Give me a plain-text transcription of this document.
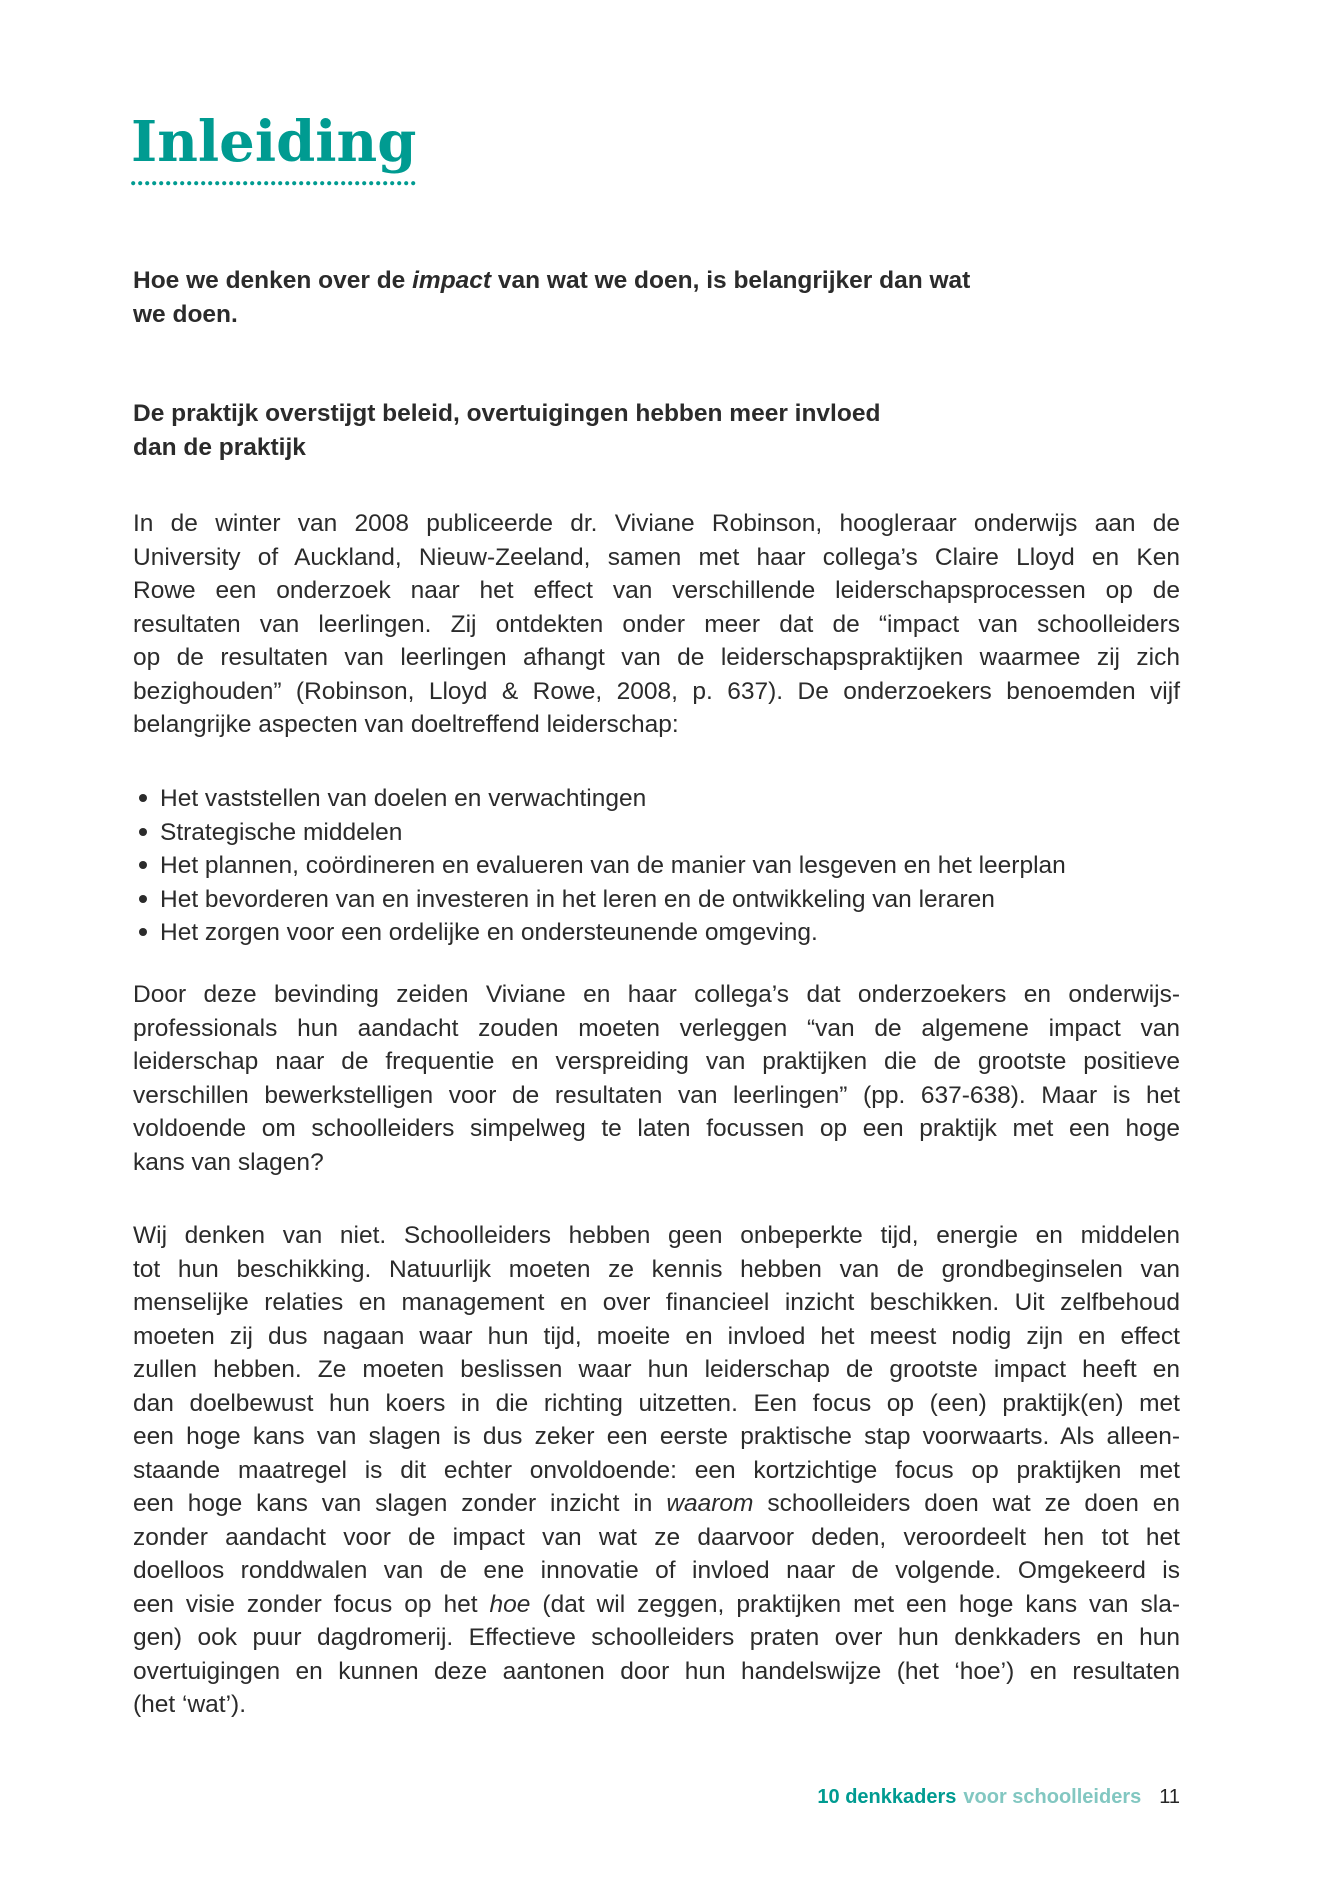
Inleiding
Hoe we denken over de impact van wat we doen, is belangrijker dan wat
we doen.
De praktijk overstijgt beleid, overtuigingen hebben meer invloed
dan de praktijk
In de winter van 2008 publiceerde dr. Viviane Robinson, hoogleraar onderwijs aan de
University of Auckland, Nieuw-Zeeland, samen met haar collega’s Claire Lloyd en Ken
Rowe een onderzoek naar het effect van verschillende leiderschapsprocessen op de
resultaten van leerlingen. Zij ontdekten onder meer dat de “impact van schoolleiders
op de resultaten van leerlingen afhangt van de leiderschapspraktijken waarmee zij zich
bezighouden” (Robinson, Lloyd & Rowe, 2008, p. 637). De onderzoekers benoemden vijf
belangrijke aspecten van doeltreffend leiderschap:
Het vaststellen van doelen en verwachtingen
Strategische middelen
Het plannen, coördineren en evalueren van de manier van lesgeven en het leerplan
Het bevorderen van en investeren in het leren en de ontwikkeling van leraren
Het zorgen voor een ordelijke en ondersteunende omgeving.
Door deze bevinding zeiden Viviane en haar collega’s dat onderzoekers en onderwijs-
professionals hun aandacht zouden moeten verleggen “van de algemene impact van
leiderschap naar de frequentie en verspreiding van praktijken die de grootste positieve
verschillen bewerkstelligen voor de resultaten van leerlingen” (pp. 637-638). Maar is het
voldoende om schoolleiders simpelweg te laten focussen op een praktijk met een hoge
kans van slagen?
Wij denken van niet. Schoolleiders hebben geen onbeperkte tijd, energie en middelen
tot hun beschikking. Natuurlijk moeten ze kennis hebben van de grondbeginselen van
menselijke relaties en management en over financieel inzicht beschikken. Uit zelfbehoud
moeten zij dus nagaan waar hun tijd, moeite en invloed het meest nodig zijn en effect
zullen hebben. Ze moeten beslissen waar hun leiderschap de grootste impact heeft en
dan doelbewust hun koers in die richting uitzetten. Een focus op (een) praktijk(en) met
een hoge kans van slagen is dus zeker een eerste praktische stap voorwaarts. Als alleen-
staande maatregel is dit echter onvoldoende: een kortzichtige focus op praktijken met
een hoge kans van slagen zonder inzicht in waarom schoolleiders doen wat ze doen en
zonder aandacht voor de impact van wat ze daarvoor deden, veroordeelt hen tot het
doelloos ronddwalen van de ene innovatie of invloed naar de volgende. Omgekeerd is
een visie zonder focus op het hoe (dat wil zeggen, praktijken met een hoge kans van sla-
gen) ook puur dagdromerij. Effectieve schoolleiders praten over hun denkkaders en hun
overtuigingen en kunnen deze aantonen door hun handelswijze (het ‘hoe’) en resultaten
(het ‘wat’).
10 denkkaders voor schoolleiders 11
